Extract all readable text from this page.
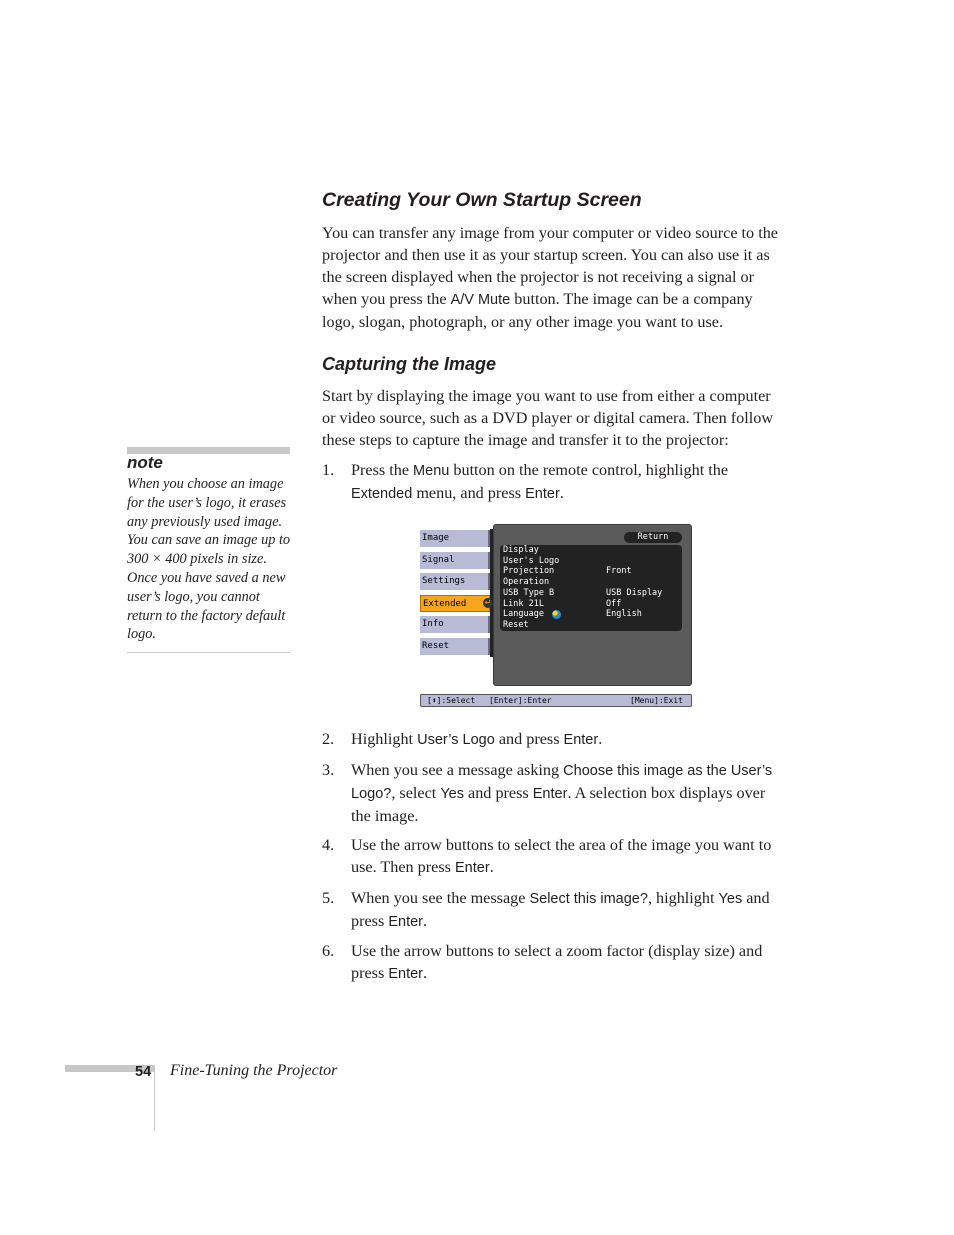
Creating Your Own Startup Screen

You can transfer any image from your computer or video source to the projector and then use it as your startup screen. You can also use it as the screen displayed when the projector is not receiving a signal or when you press the A/V Mute button. The image can be a company logo, slogan, photograph, or any other image you want to use.

Capturing the Image

Start by displaying the image you want to use from either a computer or video source, such as a DVD player or digital camera. Then follow these steps to capture the image and transfer it to the projector:

note

When you choose an image for the user’s logo, it erases any previously used image. You can save an image up to 300 × 400 pixels in size. Once you have saved a new user’s logo, you cannot return to the factory default logo.

1. Press the Menu button on the remote control, highlight the Extended menu, and press Enter.
Image
Signal
Settings
Extended ↵
Info
Reset
Return
Display
User's Logo
Projection	Front
Operation
USB Type B	USB Display
Link 21L	Off
Language	English
Reset
[⬍]:Select [Enter]:Enter	[Menu]:Exit
2. Highlight User’s Logo and press Enter.
3. When you see a message asking Choose this image as the User’s Logo?, select Yes and press Enter. A selection box displays over the image.
4. Use the arrow buttons to select the area of the image you want to use. Then press Enter.
5. When you see the message Select this image?, highlight Yes and press Enter.
6. Use the arrow buttons to select a zoom factor (display size) and press Enter.
54 Fine-Tuning the Projector
